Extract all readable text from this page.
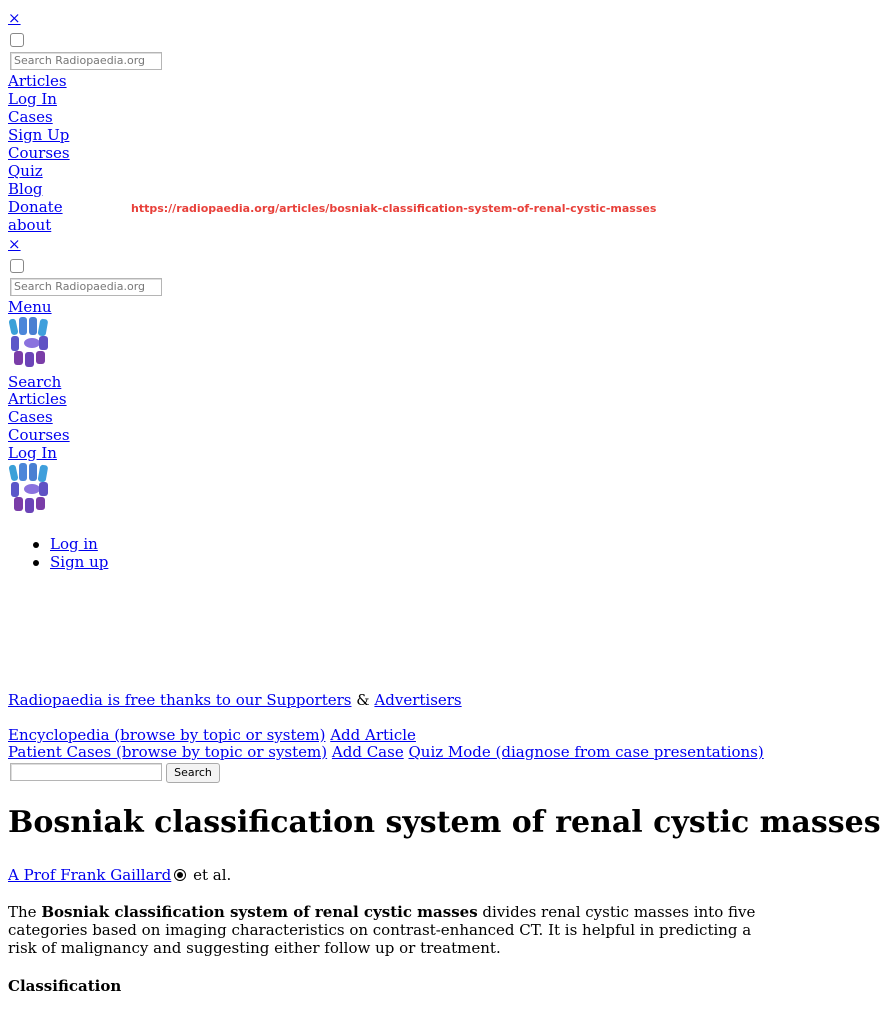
×
Search Radiopaedia.org
Articles
Log In
Cases
Sign Up
Courses
Quiz
Blog
Donate
about
https://radiopaedia.org/articles/bosniak-classification-system-of-renal-cystic-masses
×
Search Radiopaedia.org
Menu
Search
Articles
Cases
Courses
Log In
Log in
Sign up
Radiopaedia is free thanks to our Supporters & Advertisers
Encyclopedia (browse by topic or system) Add Article
Patient Cases (browse by topic or system) Add Case Quiz Mode (diagnose from case presentations)
Search
Bosniak classification system of renal cystic masses
A Prof Frank Gaillard et al.

The Bosniak classification system of renal cystic masses divides renal cystic masses into five categories based on imaging characteristics on contrast-enhanced CT. It is helpful in predicting a risk of malignancy and suggesting either follow up or treatment.

Classification
